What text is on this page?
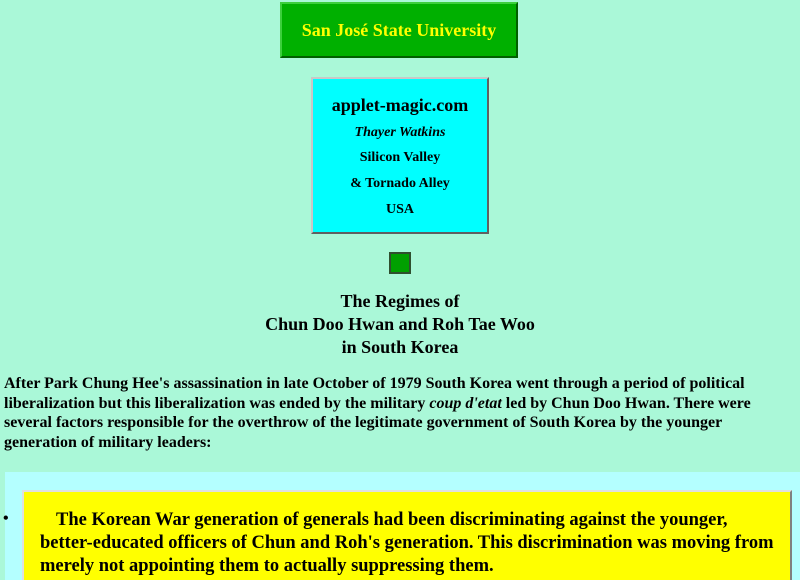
San José State University
applet-magic.com
Thayer Watkins
Silicon Valley
& Tornado Alley
USA
The Regimes of
Chun Doo Hwan and Roh Tae Woo
in South Korea
After Park Chung Hee's assassination in late October of 1979 South Korea went through a period of political liberalization but this liberalization was ended by the military coup d'etat led by Chun Doo Hwan. There were several factors responsible for the overthrow of the legitimate government of South Korea by the younger generation of military leaders:
•	The Korean War generation of generals had been discriminating against the younger, better-educated officers of Chun and Roh's generation. This discrimination was moving from merely not appointing them to actually suppressing them.
